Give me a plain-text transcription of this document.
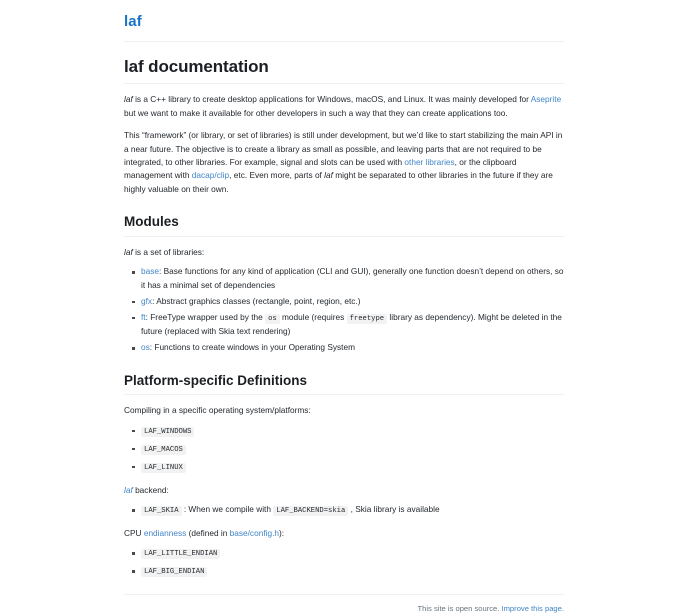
laf
laf documentation

laf is a C++ library to create desktop applications for Windows, macOS, and Linux. It was mainly developed for Aseprite but we want to make it available for other developers in such a way that they can create applications too.

This “framework” (or library, or set of libraries) is still under development, but we’d like to start stabilizing the main API in a near future. The objective is to create a library as small as possible, and leaving parts that are not required to be integrated, to other libraries. For example, signal and slots can be used with other libraries, or the clipboard management with dacap/clip, etc. Even more, parts of laf might be separated to other libraries in the future if they are highly valuable on their own.

Modules

laf is a set of libraries:

base: Base functions for any kind of application (CLI and GUI), generally one function doesn’t depend on others, so it has a minimal set of dependencies
gfx: Abstract graphics classes (rectangle, point, region, etc.)
ft: FreeType wrapper used by the os module (requires freetype library as dependency). Might be deleted in the future (replaced with Skia text rendering)
os: Functions to create windows in your Operating System
Platform-specific Definitions

Compiling in a specific operating system/platforms:

LAF_WINDOWS
LAF_MACOS
LAF_LINUX

laf backend:

LAF_SKIA : When we compile with LAF_BACKEND=skia , Skia library is available

CPU endianness (defined in base/config.h):

LAF_LITTLE_ENDIAN
LAF_BIG_ENDIAN

This site is open source. Improve this page.
